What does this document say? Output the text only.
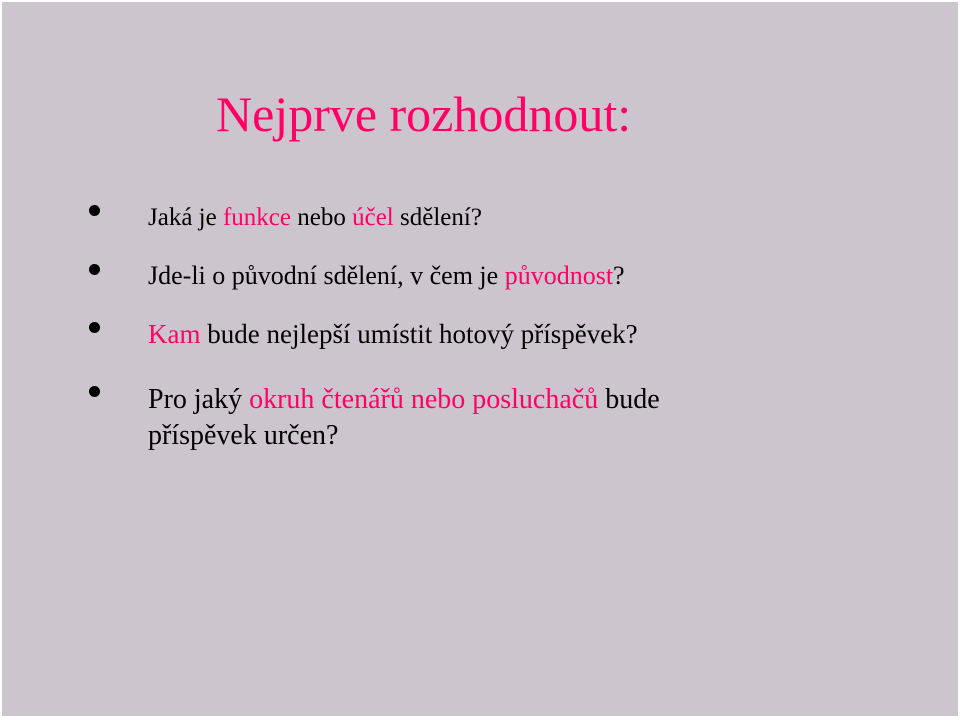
Nejprve rozhodnout:

Jaká je funkce nebo účel sdělení?

Jde-li o původní sdělení, v čem je původnost?

Kam bude nejlepší umístit hotový příspěvek?

Pro jaký okruh čtenářů nebo posluchačů bude
příspěvek určen?
